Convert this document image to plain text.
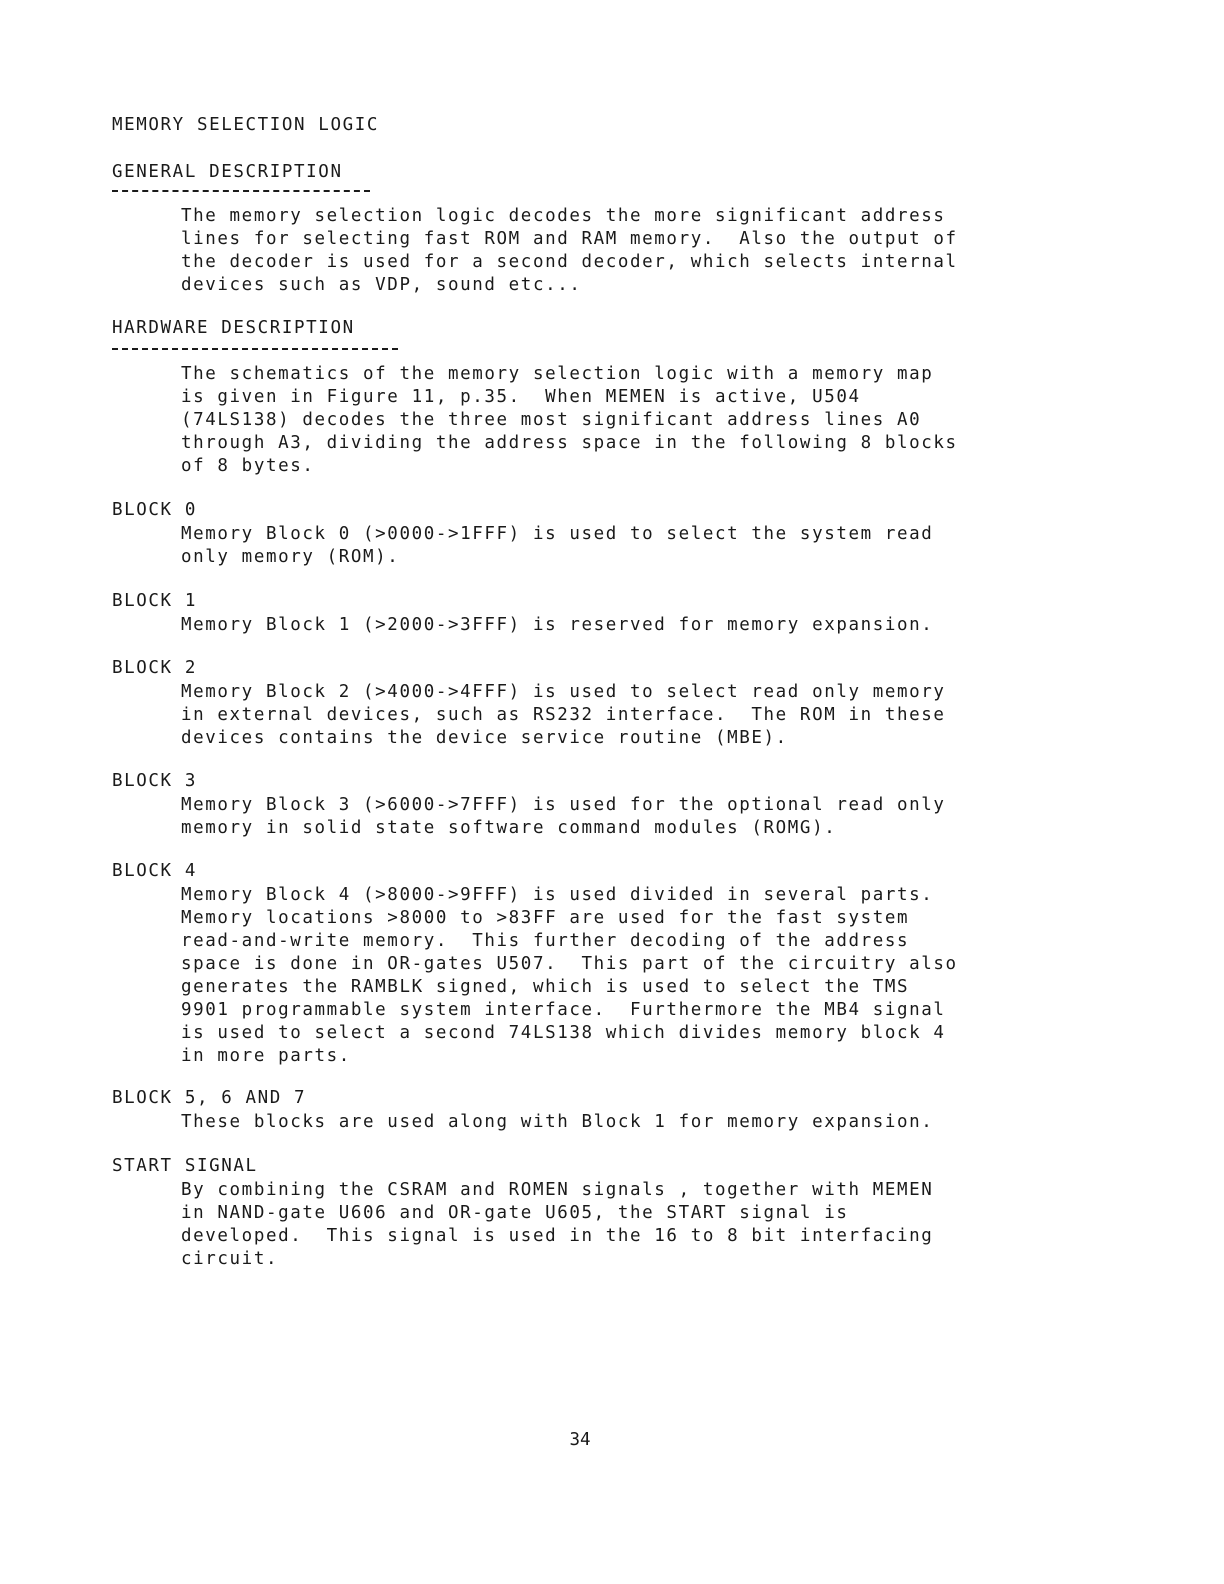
MEMORY SELECTION LOGIC
GENERAL DESCRIPTION
The memory selection logic decodes the more significant address
lines for selecting fast ROM and RAM memory.  Also the output of
the decoder is used for a second decoder, which selects internal
devices such as VDP, sound etc...
HARDWARE DESCRIPTION
The schematics of the memory selection logic with a memory map
is given in Figure 11, p.35.  When MEMEN is active, U504
(74LS138) decodes the three most significant address lines A0
through A3, dividing the address space in the following 8 blocks
of 8 bytes.
BLOCK 0
Memory Block 0 (>0000->1FFF) is used to select the system read
only memory (ROM).
BLOCK 1
Memory Block 1 (>2000->3FFF) is reserved for memory expansion.
BLOCK 2
Memory Block 2 (>4000->4FFF) is used to select read only memory
in external devices, such as RS232 interface.  The ROM in these
devices contains the device service routine (MBE).
BLOCK 3
Memory Block 3 (>6000->7FFF) is used for the optional read only
memory in solid state software command modules (ROMG).
BLOCK 4
Memory Block 4 (>8000->9FFF) is used divided in several parts.
Memory locations >8000 to >83FF are used for the fast system
read-and-write memory.  This further decoding of the address
space is done in OR-gates U507.  This part of the circuitry also
generates the RAMBLK signed, which is used to select the TMS
9901 programmable system interface.  Furthermore the MB4 signal
is used to select a second 74LS138 which divides memory block 4
in more parts.
BLOCK 5, 6 AND 7
These blocks are used along with Block 1 for memory expansion.
START SIGNAL
By combining the CSRAM and ROMEN signals , together with MEMEN
in NAND-gate U606 and OR-gate U605, the START signal is
developed.  This signal is used in the 16 to 8 bit interfacing
circuit.
34
